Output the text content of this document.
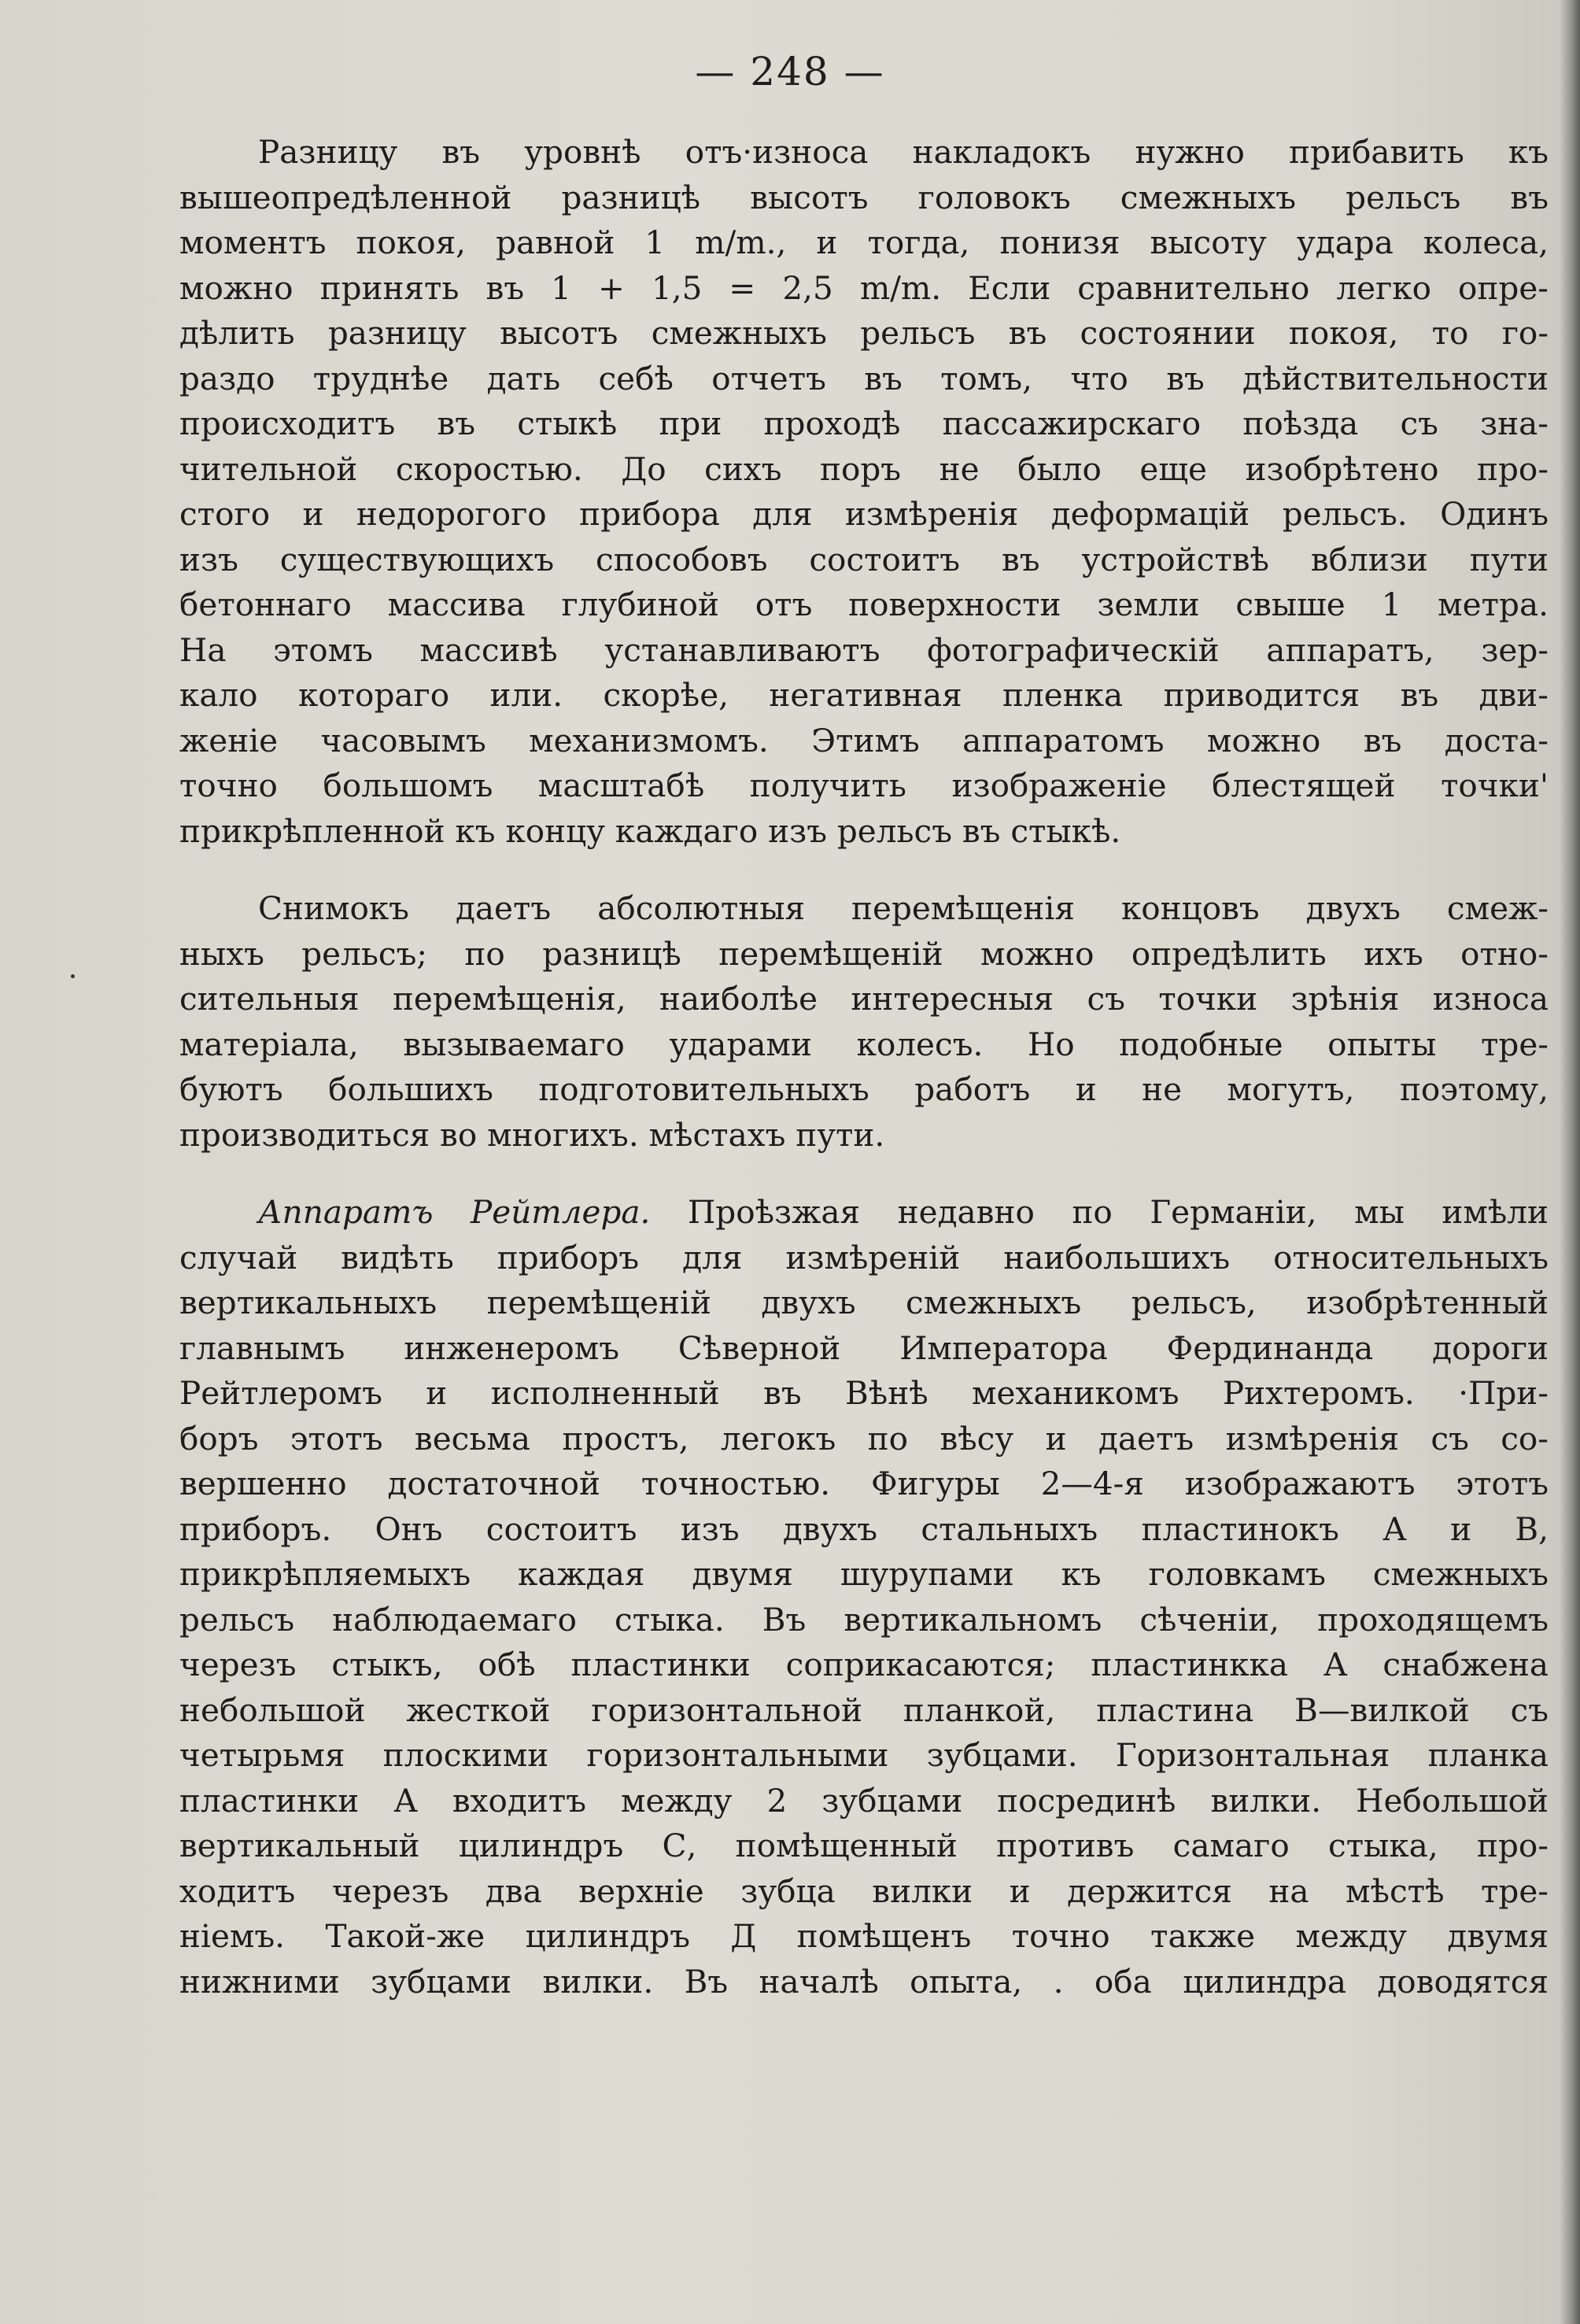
— 248 —
Разницу въ уровнѣ отъ·износа накладокъ нужно прибавить къ
вышеопредѣленной разницѣ высотъ головокъ смежныхъ рельсъ въ
моментъ покоя, равной 1 m/m., и тогда, понизя высоту удара колеса,
можно принять въ 1 + 1,5 = 2,5 m/m. Если сравнительно легко опре-
дѣлить разницу высотъ смежныхъ рельсъ въ состоянии покоя, то го-
раздо труднѣе дать себѣ отчетъ въ томъ, что въ дѣйствительности
происходитъ въ стыкѣ при проходѣ пассажирскаго поѣзда съ зна-
чительной скоростью. До сихъ поръ не было еще изобрѣтено про-
стого и недорогого прибора для измѣренія деформацій рельсъ. Одинъ
изъ существующихъ способовъ состоитъ въ устройствѣ вблизи пути
бетоннаго массива глубиной отъ поверхности земли свыше 1 метра.
На этомъ массивѣ устанавливаютъ фотографическій аппаратъ, зер-
кало котораго или. скорѣе, негативная пленка приводится въ дви-
женіе часовымъ механизмомъ. Этимъ аппаратомъ можно въ доста-
точно большомъ масштабѣ получить изображеніе блестящей точки'
прикрѣпленной къ концу каждаго изъ рельсъ въ стыкѣ.
Снимокъ даетъ абсолютныя перемѣщенія концовъ двухъ смеж-
ныхъ рельсъ; по разницѣ перемѣщеній можно опредѣлить ихъ отно-
сительныя перемѣщенія, наиболѣе интересныя съ точки зрѣнія износа
матеріала, вызываемаго ударами колесъ. Но подобные опыты тре-
буютъ большихъ подготовительныхъ работъ и не могутъ, поэтому,
производиться во многихъ. мѣстахъ пути.
Аппаратъ Рейтлера. Проѣзжая недавно по Германіи, мы имѣли
случай видѣть приборъ для измѣреній наибольшихъ относительныхъ
вертикальныхъ перемѣщеній двухъ смежныхъ рельсъ, изобрѣтенный
главнымъ инженеромъ Сѣверной Императора Фердинанда дороги
Рейтлеромъ и исполненный въ Вѣнѣ механикомъ Рихтеромъ. ·При-
боръ этотъ весьма простъ, легокъ по вѣсу и даетъ измѣренія съ со-
вершенно достаточной точностью. Фигуры 2—4-я изображаютъ этотъ
приборъ. Онъ состоитъ изъ двухъ стальныхъ пластинокъ А и В,
прикрѣпляемыхъ каждая двумя шурупами къ головкамъ смежныхъ
рельсъ наблюдаемаго стыка. Въ вертикальномъ сѣченіи, проходящемъ
черезъ стыкъ, обѣ пластинки соприкасаются; пластинкка А снабжена
небольшой жесткой горизонтальной планкой, пластина В—вилкой съ
четырьмя плоскими горизонтальными зубцами. Горизонтальная планка
пластинки А входитъ между 2 зубцами посрединѣ вилки. Небольшой
вертикальный цилиндръ С, помѣщенный противъ самаго стыка, про-
ходитъ черезъ два верхніе зубца вилки и держится на мѣстѣ тре-
ніемъ. Такой-же цилиндръ Д помѣщенъ точно также между двумя
нижними зубцами вилки. Въ началѣ опыта, . оба цилиндра доводятся
